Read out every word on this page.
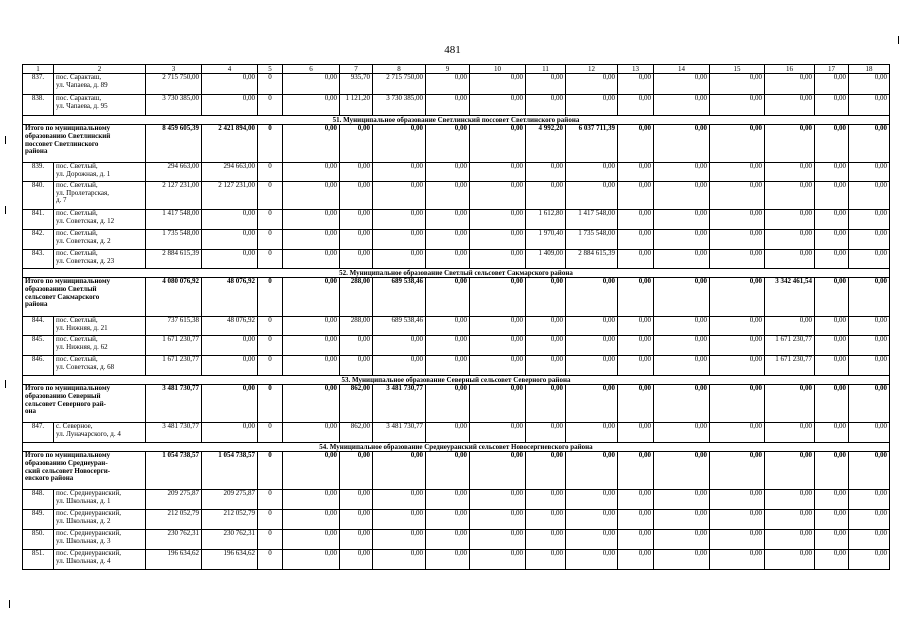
481
1	2	3	4	5	6	7	8	9	10	11	12	13	14	15	16	17	18
837.	пос. Саракташ,
ул. Чапаева, д. 89	2 715 750,00	0,00	0	0,00	935,70	2 715 750,00	0,00	0,00	0,00	0,00	0,00	0,00	0,00	0,00	0,00	0,00
838.	пос. Саракташ,
ул. Чапаева, д. 95	3 730 385,00	0,00	0	0,00	1 121,20	3 730 385,00	0,00	0,00	0,00	0,00	0,00	0,00	0,00	0,00	0,00	0,00
51. Муниципальное образование Светлинский поссовет Светлинского района																	
Итого по муниципальному
образованию Светлинский
поссовет Светлинского
района		8 459 605,39	2 421 894,00	0	0,00	0,00	0,00	0,00	0,00	4 992,20	6 037 711,39	0,00	0,00	0,00	0,00	0,00	0,00
839.	пос. Светлый,
ул. Дорожная, д. 1	294 663,00	294 663,00	0	0,00	0,00	0,00	0,00	0,00	0,00	0,00	0,00	0,00	0,00	0,00	0,00	0,00
840.	пос. Светлый,
ул. Пролетарская,
д. 7	2 127 231,00	2 127 231,00	0	0,00	0,00	0,00	0,00	0,00	0,00	0,00	0,00	0,00	0,00	0,00	0,00	0,00
841.	пос. Светлый,
ул. Советская, д. 12	1 417 548,00	0,00	0	0,00	0,00	0,00	0,00	0,00	1 612,80	1 417 548,00	0,00	0,00	0,00	0,00	0,00	0,00
842.	пос. Светлый,
ул. Советская, д. 2	1 735 548,00	0,00	0	0,00	0,00	0,00	0,00	0,00	1 970,40	1 735 548,00	0,00	0,00	0,00	0,00	0,00	0,00
843.	пос. Светлый,
ул. Советская, д. 23	2 884 615,39	0,00	0	0,00	0,00	0,00	0,00	0,00	1 409,00	2 884 615,39	0,00	0,00	0,00	0,00	0,00	0,00
52. Муниципальное образование Светлый сельсовет Сакмарского района																	
Итого по муниципальному
образованию Светлый
сельсовет Сакмарского
района		4 080 076,92	48 076,92	0	0,00	288,00	689 538,46	0,00	0,00	0,00	0,00	0,00	0,00	0,00	3 342 461,54	0,00	0,00
844.	пос. Светлый,
ул. Нижняя, д. 21	737 615,38	48 076,92	0	0,00	288,00	689 538,46	0,00	0,00	0,00	0,00	0,00	0,00	0,00	0,00	0,00	0,00
845.	пос. Светлый,
ул. Нижняя, д. 62	1 671 230,77	0,00	0	0,00	0,00	0,00	0,00	0,00	0,00	0,00	0,00	0,00	0,00	1 671 230,77	0,00	0,00
846.	пос. Светлый,
ул. Советская, д. 68	1 671 230,77	0,00	0	0,00	0,00	0,00	0,00	0,00	0,00	0,00	0,00	0,00	0,00	1 671 230,77	0,00	0,00
53. Муниципальное образование Северный сельсовет Северного района																	
Итого по муниципальному
образованию Северный
сельсовет Северного рай-
она		3 481 730,77	0,00	0	0,00	862,00	3 481 730,77	0,00	0,00	0,00	0,00	0,00	0,00	0,00	0,00	0,00	0,00
847.	с. Северное,
ул. Луначарского, д. 4	3 481 730,77	0,00	0	0,00	862,00	3 481 730,77	0,00	0,00	0,00	0,00	0,00	0,00	0,00	0,00	0,00	0,00
54. Муниципальное образование Среднеуранский сельсовет Новосергиевского района																	
Итого по муниципальному
образованию Среднеуран-
ский сельсовет Новосерги-
евского района		1 054 738,57	1 054 738,57	0	0,00	0,00	0,00	0,00	0,00	0,00	0,00	0,00	0,00	0,00	0,00	0,00	0,00
848.	пос. Среднеуранский,
ул. Школьная, д. 1	209 275,87	209 275,87	0	0,00	0,00	0,00	0,00	0,00	0,00	0,00	0,00	0,00	0,00	0,00	0,00	0,00
849.	пос. Среднеуранский,
ул. Школьная, д. 2	212 052,79	212 052,79	0	0,00	0,00	0,00	0,00	0,00	0,00	0,00	0,00	0,00	0,00	0,00	0,00	0,00
850.	пос. Среднеуранский,
ул. Школьная, д. 3	230 762,31	230 762,31	0	0,00	0,00	0,00	0,00	0,00	0,00	0,00	0,00	0,00	0,00	0,00	0,00	0,00
851.	пос. Среднеуранский,
ул. Школьная, д. 4	196 634,62	196 634,62	0	0,00	0,00	0,00	0,00	0,00	0,00	0,00	0,00	0,00	0,00	0,00	0,00	0,00
